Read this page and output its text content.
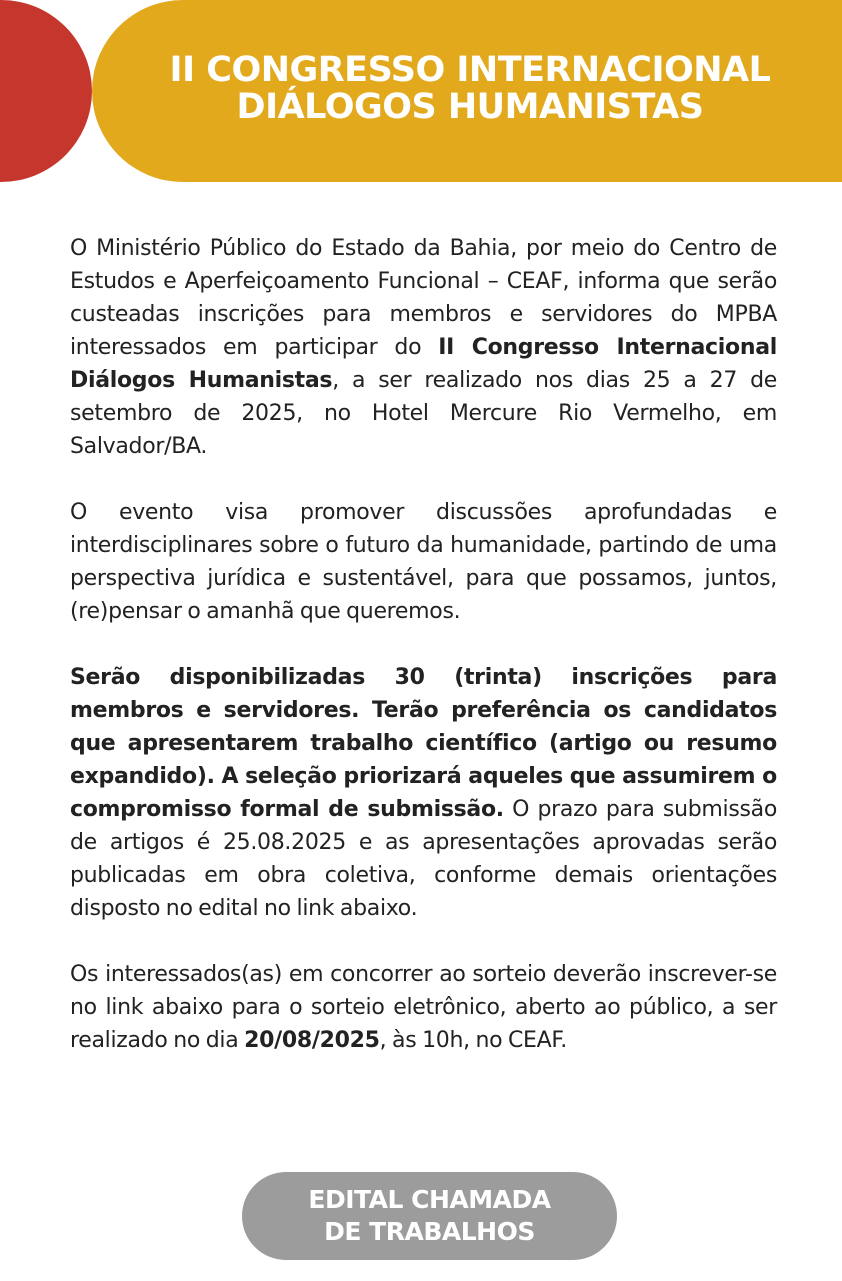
II CONGRESSO INTERNACIONAL
DIÁLOGOS HUMANISTAS

O Ministério Público do Estado da Bahia, por meio do Centro de Estudos e Aperfeiçoamento Funcional – CEAF, informa que serão custeadas inscrições para membros e servidores do MPBA interessados em participar do II Congresso Internacional Diálogos Humanistas, a ser realizado nos dias 25 a 27 de setembro de 2025, no Hotel Mercure Rio Vermelho, em Salvador/BA.

O evento visa promover discussões aprofundadas e interdisciplinares sobre o futuro da humanidade, partindo de uma perspectiva jurídica e sustentável, para que possamos, juntos, (re)pensar o amanhã que queremos.

Serão disponibilizadas 30 (trinta) inscrições para membros e servidores. Terão preferência os candidatos que apresentarem trabalho científico (artigo ou resumo expandido). A seleção priorizará aqueles que assumirem o compromisso formal de submissão. O prazo para submissão de artigos é 25.08.2025 e as apresentações aprovadas serão publicadas em obra coletiva, conforme demais orientações disposto no edital no link abaixo.

Os interessados(as) em concorrer ao sorteio deverão inscrever-se no link abaixo para o sorteio eletrônico, aberto ao público, a ser realizado no dia 20/08/2025, às 10h, no CEAF.

EDITAL CHAMADA
DE TRABALHOS
